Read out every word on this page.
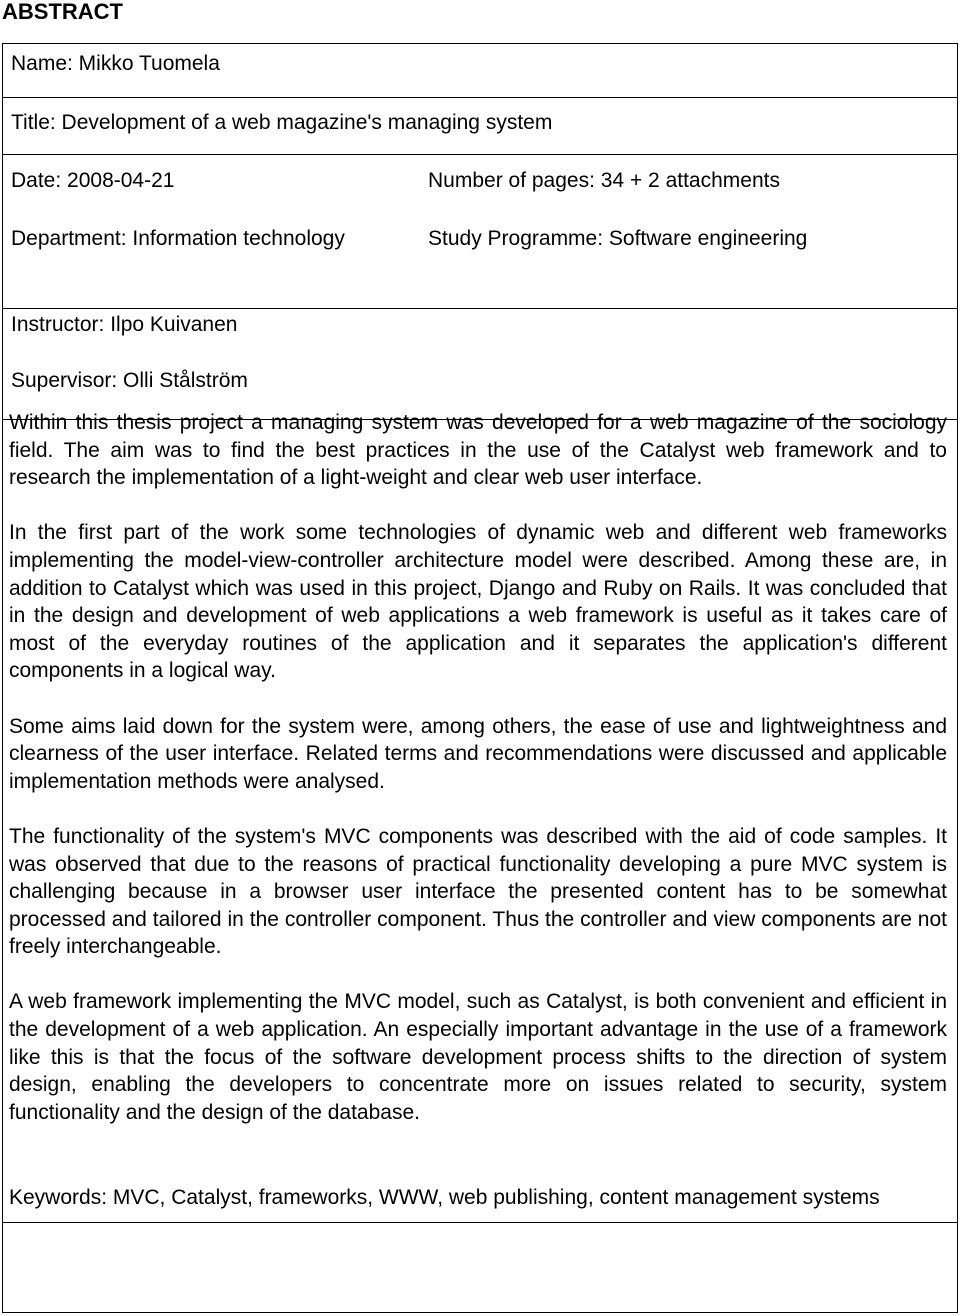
ABSTRACT
Name: Mikko Tuomela
Title: Development of a web magazine's managing system
Date: 2008-04-21	Number of pages: 34 + 2 attachments
Department: Information technology	Study Programme: Software engineering
Instructor: Ilpo Kuivanen
Supervisor: Olli Stålström

Within this thesis project a managing system was developed for a web magazine of the sociology field. The aim was to find the best practices in the use of the Catalyst web framework and to research the implementation of a light-weight and clear web user interface.

In the first part of the work some technologies of dynamic web and different web frameworks implementing the model-view-controller architecture model were described. Among these are, in addition to Catalyst which was used in this project, Django and Ruby on Rails. It was concluded that in the design and development of web applications a web framework is useful as it takes care of most of the everyday routines of the application and it separates the application's different components in a logical way.

Some aims laid down for the system were, among others, the ease of use and lightweightness and clearness of the user interface. Related terms and recommendations were discussed and applicable implementation methods were analysed.

The functionality of the system's MVC components was described with the aid of code samples. It was observed that due to the reasons of practical functionality developing a pure MVC system is challenging because in a browser user interface the presented content has to be somewhat processed and tailored in the controller component. Thus the controller and view components are not freely interchangeable.

A web framework implementing the MVC model, such as Catalyst, is both convenient and efficient in the development of a web application. An especially important advantage in the use of a framework like this is that the focus of the software development process shifts to the direction of system design, enabling the developers to concentrate more on issues related to security, system functionality and the design of the database.

Keywords: MVC, Catalyst, frameworks, WWW, web publishing, content management systems
